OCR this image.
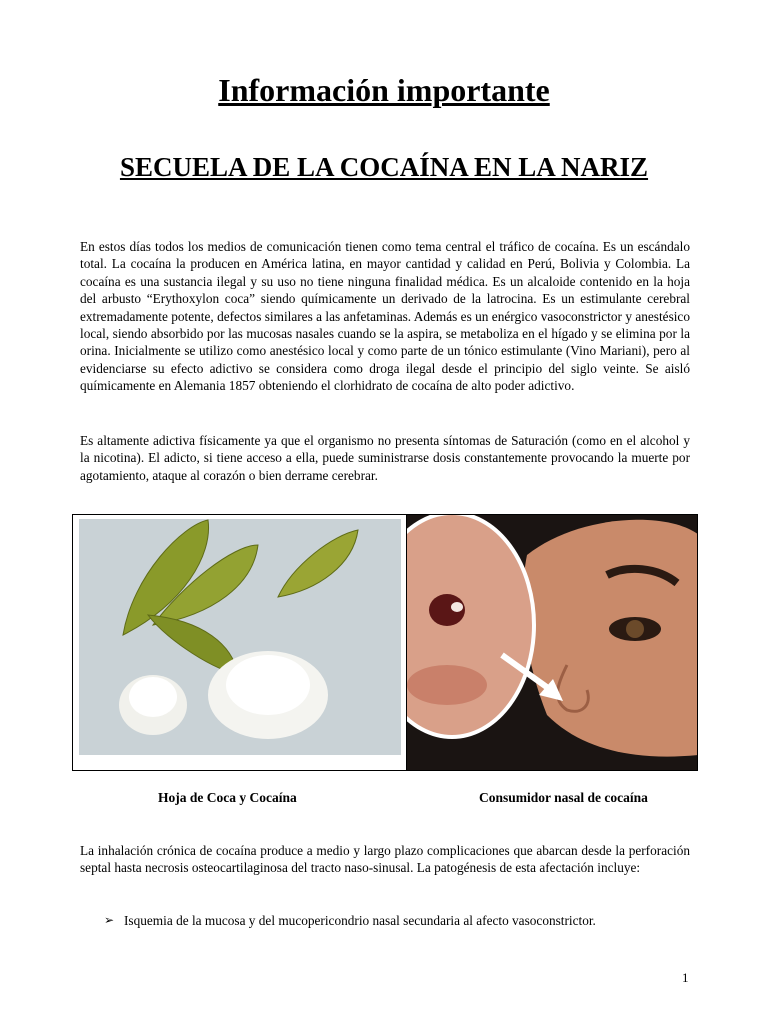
Información importante
SECUELA DE LA COCAÍNA EN LA NARIZ

En estos días todos los medios de comunicación tienen como tema central el tráfico de cocaína. Es un escándalo total. La cocaína la producen en América latina, en mayor cantidad y calidad en Perú, Bolivia y Colombia. La cocaína es una sustancia ilegal y su uso no tiene ninguna finalidad médica. Es un alcaloide contenido en la hoja del arbusto “Erythoxylon coca” siendo químicamente un derivado de la latrocina. Es un estimulante cerebral extremadamente potente, defectos similares a las anfetaminas. Además es un enérgico vasoconstrictor y anestésico local, siendo absorbido por las mucosas nasales cuando se la aspira, se metaboliza en el hígado y se elimina por la orina. Inicialmente se utilizo como anestésico local y como parte de un tónico estimulante (Vino Mariani), pero al evidenciarse su efecto adictivo se considera como droga ilegal desde el principio del siglo veinte. Se aisló químicamente en Alemania 1857 obteniendo el clorhidrato de cocaína de alto poder adictivo.

Es altamente adictiva físicamente ya que el organismo no presenta síntomas de Saturación (como en el alcohol y la nicotina). El adicto, si tiene acceso a ella, puede suministrarse dosis constantemente provocando la muerte por agotamiento, ataque al corazón o bien derrame cerebrar.

Hoja de Coca y Cocaína	Consumidor nasal de cocaína

La inhalación crónica de cocaína produce a medio y largo plazo complicaciones que abarcan desde la perforación septal hasta necrosis osteocartilaginosa del tracto naso-sinusal. La patogénesis de esta afectación incluye:

➢ Isquemia de la mucosa y del mucopericondrio nasal secundaria al afecto vasoconstrictor.
1
